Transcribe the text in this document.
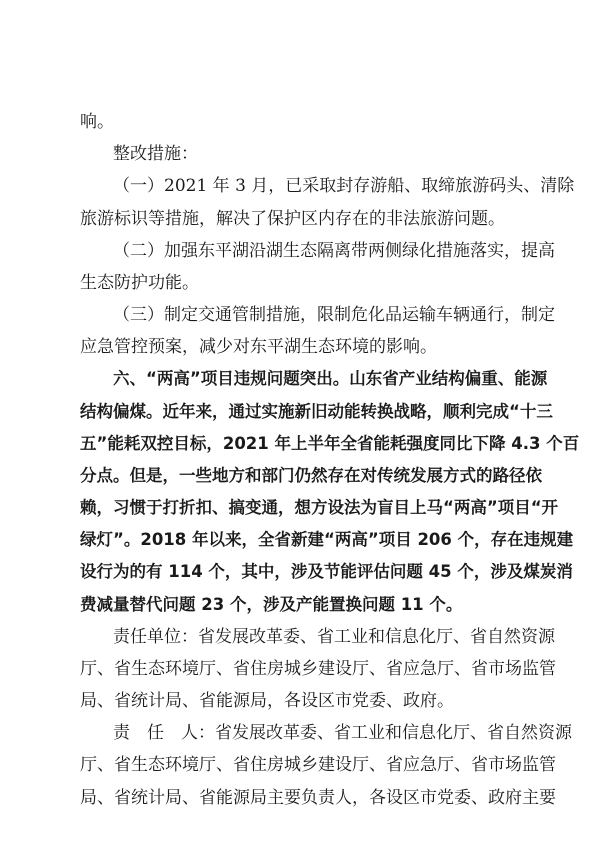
响。
整改措施：
（一）2021 年 3 月，已采取封存游船、取缔旅游码头、清除
旅游标识等措施，解决了保护区内存在的非法旅游问题。
（二）加强东平湖沿湖生态隔离带两侧绿化措施落实，提高
生态防护功能。
（三）制定交通管制措施，限制危化品运输车辆通行，制定
应急管控预案，减少对东平湖生态环境的影响。
六、“两高”项目违规问题突出。山东省产业结构偏重、能源
结构偏煤。近年来，通过实施新旧动能转换战略，顺利完成“十三
五”能耗双控目标，2021 年上半年全省能耗强度同比下降 4.3 个百
分点。但是，一些地方和部门仍然存在对传统发展方式的路径依
赖，习惯于打折扣、搞变通，想方设法为盲目上马“两高”项目“开
绿灯”。2018 年以来，全省新建“两高”项目 206 个，存在违规建
设行为的有 114 个，其中，涉及节能评估问题 45 个，涉及煤炭消
费减量替代问题 23 个，涉及产能置换问题 11 个。
责任单位：省发展改革委、省工业和信息化厅、省自然资源
厅、省生态环境厅、省住房城乡建设厅、省应急厅、省市场监管
局、省统计局、省能源局，各设区市党委、政府。
责　任　人：省发展改革委、省工业和信息化厅、省自然资源
厅、省生态环境厅、省住房城乡建设厅、省应急厅、省市场监管
局、省统计局、省能源局主要负责人，各设区市党委、政府主要
